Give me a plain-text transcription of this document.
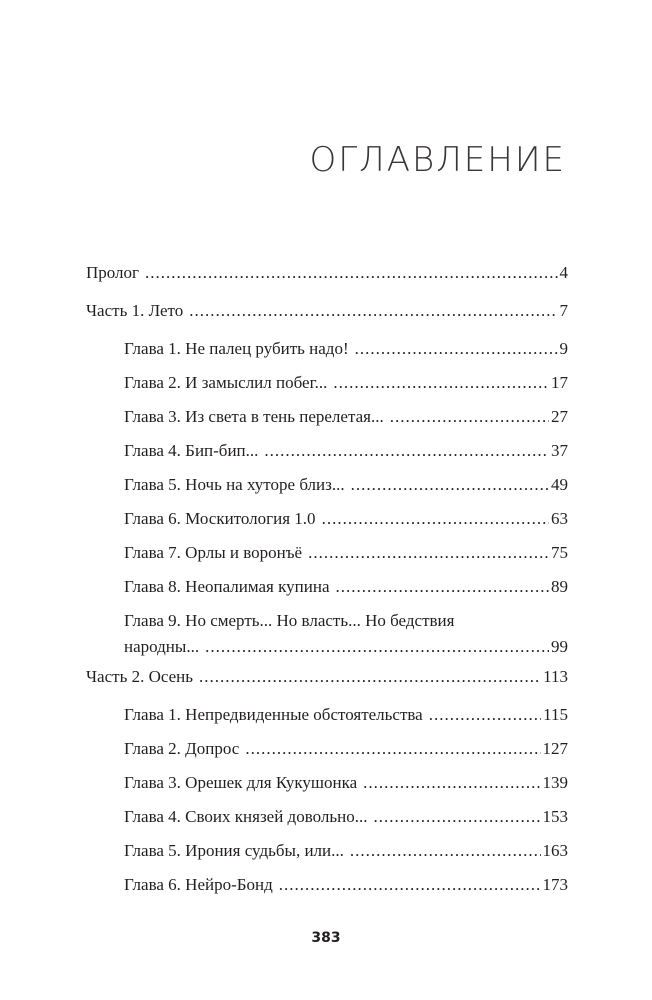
ОГЛАВЛЕНИЕ
Пролог .....	4
Часть 1. Лето .....	7
Глава 1. Не палец рубить надо! .....	9
Глава 2. И замыслил побег... .....	17
Глава 3. Из света в тень перелетая... .....	27
Глава 4. Бип-бип... .....	37
Глава 5. Ночь на хуторе близ... .....	49
Глава 6. Москитология 1.0 .....	63
Глава 7. Орлы и воронъё .....	75
Глава 8. Неопалимая купина .....	89
Глава 9. Но смерть... Но власть... Но бедствия
народны... .....	99
Часть 2. Осень .....	113
Глава 1. Непредвиденные обстоятельства .....	115
Глава 2. Допрос .....	127
Глава 3. Орешек для Кукушонка .....	139
Глава 4. Своих князей довольно... .....	153
Глава 5. Ирония судьбы, или... .....	163
Глава 6. Нейро-Бонд .....	173
383
